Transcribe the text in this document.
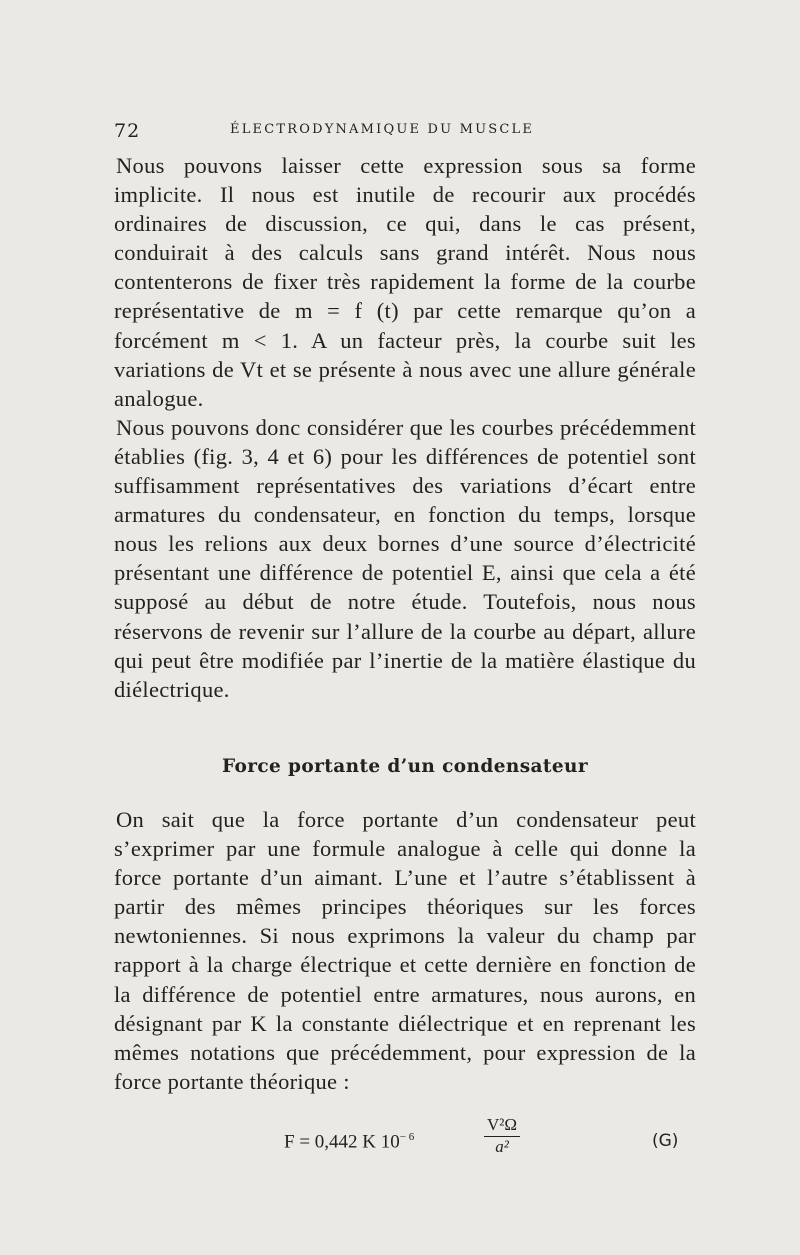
72	ÉLECTRODYNAMIQUE DU MUSCLE

Nous pouvons laisser cette expression sous sa forme implicite. Il nous est inutile de recourir aux procédés ordinaires de discussion, ce qui, dans le cas présent, conduirait à des calculs sans grand intérêt. Nous nous contenterons de fixer très rapidement la forme de la courbe représentative de m = f (t) par cette remarque qu’on a forcément m < 1. A un facteur près, la courbe suit les variations de Vt et se présente à nous avec une allure générale analogue.

Nous pouvons donc considérer que les courbes précédemment établies (fig. 3, 4 et 6) pour les différences de potentiel sont suffisamment représentatives des variations d’écart entre armatures du condensateur, en fonction du temps, lorsque nous les relions aux deux bornes d’une source d’électricité présentant une différence de potentiel E, ainsi que cela a été supposé au début de notre étude. Toutefois, nous nous réservons de revenir sur l’allure de la courbe au départ, allure qui peut être modifiée par l’inertie de la matière élastique du diélectrique.

Force portante d’un condensateur

On sait que la force portante d’un condensateur peut s’exprimer par une formule analogue à celle qui donne la force portante d’un aimant. L’une et l’autre s’établissent à partir des mêmes principes théoriques sur les forces newtoniennes. Si nous exprimons la valeur du champ par rapport à la charge électrique et cette dernière en fonction de la différence de potentiel entre armatures, nous aurons, en désignant par K la constante diélectrique et en reprenant les mêmes notations que précédemment, pour expression de la force portante théorique :

F = 0,442 K $10^{- 6}$	$\frac{\text{V²Ω}}{\text{a²}}$	(G)
